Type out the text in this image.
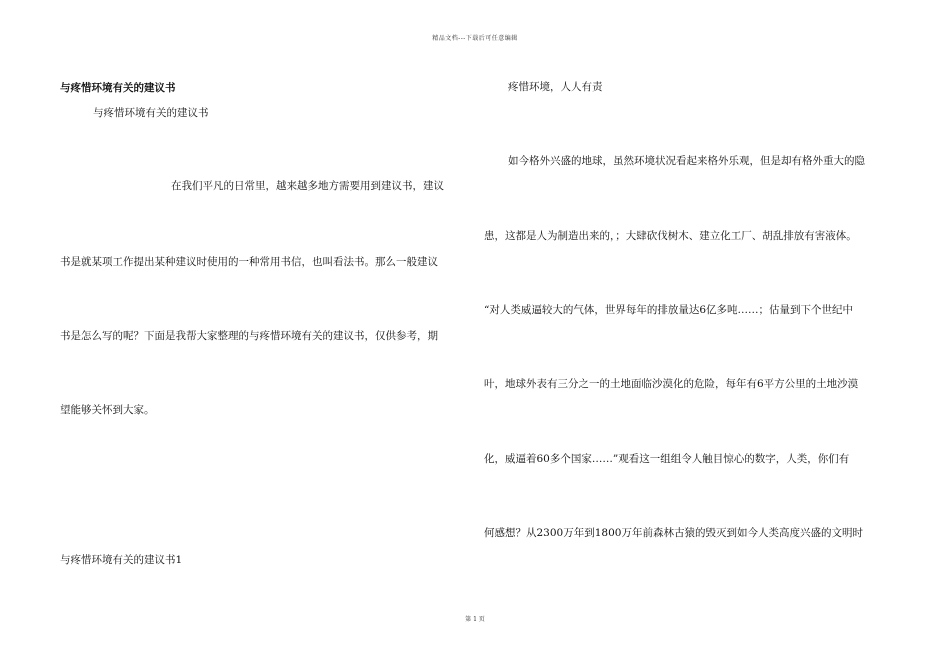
精品文档---下载后可任意编辑
与疼惜环境有关的建议书
与疼惜环境有关的建议书
在我们平凡的日常里，越来越多地方需要用到建议书，建议
书是就某项工作提出某种建议时使用的一种常用书信，也叫看法书。那么一般建议
书是怎么写的呢？下面是我帮大家整理的与疼惜环境有关的建议书，仅供参考，期
望能够关怀到大家。
与疼惜环境有关的建议书1
疼惜环境，人人有责
如今格外兴盛的地球，虽然环境状况看起来格外乐观，但是却有格外重大的隐
患，这都是人为制造出来的，；大肆砍伐树木、建立化工厂、胡乱排放有害液体。
“对人类威逼较大的气体，世界每年的排放量达6亿多吨……；估量到下个世纪中
叶，地球外表有三分之一的土地面临沙漠化的危险，每年有6平方公里的土地沙漠
化，威逼着60多个国家……”观看这一组组令人触目惊心的数字，人类，你们有
何感想？从2300万年到1800万年前森林古猿的毁灭到如今人类高度兴盛的文明时
第 1 页
